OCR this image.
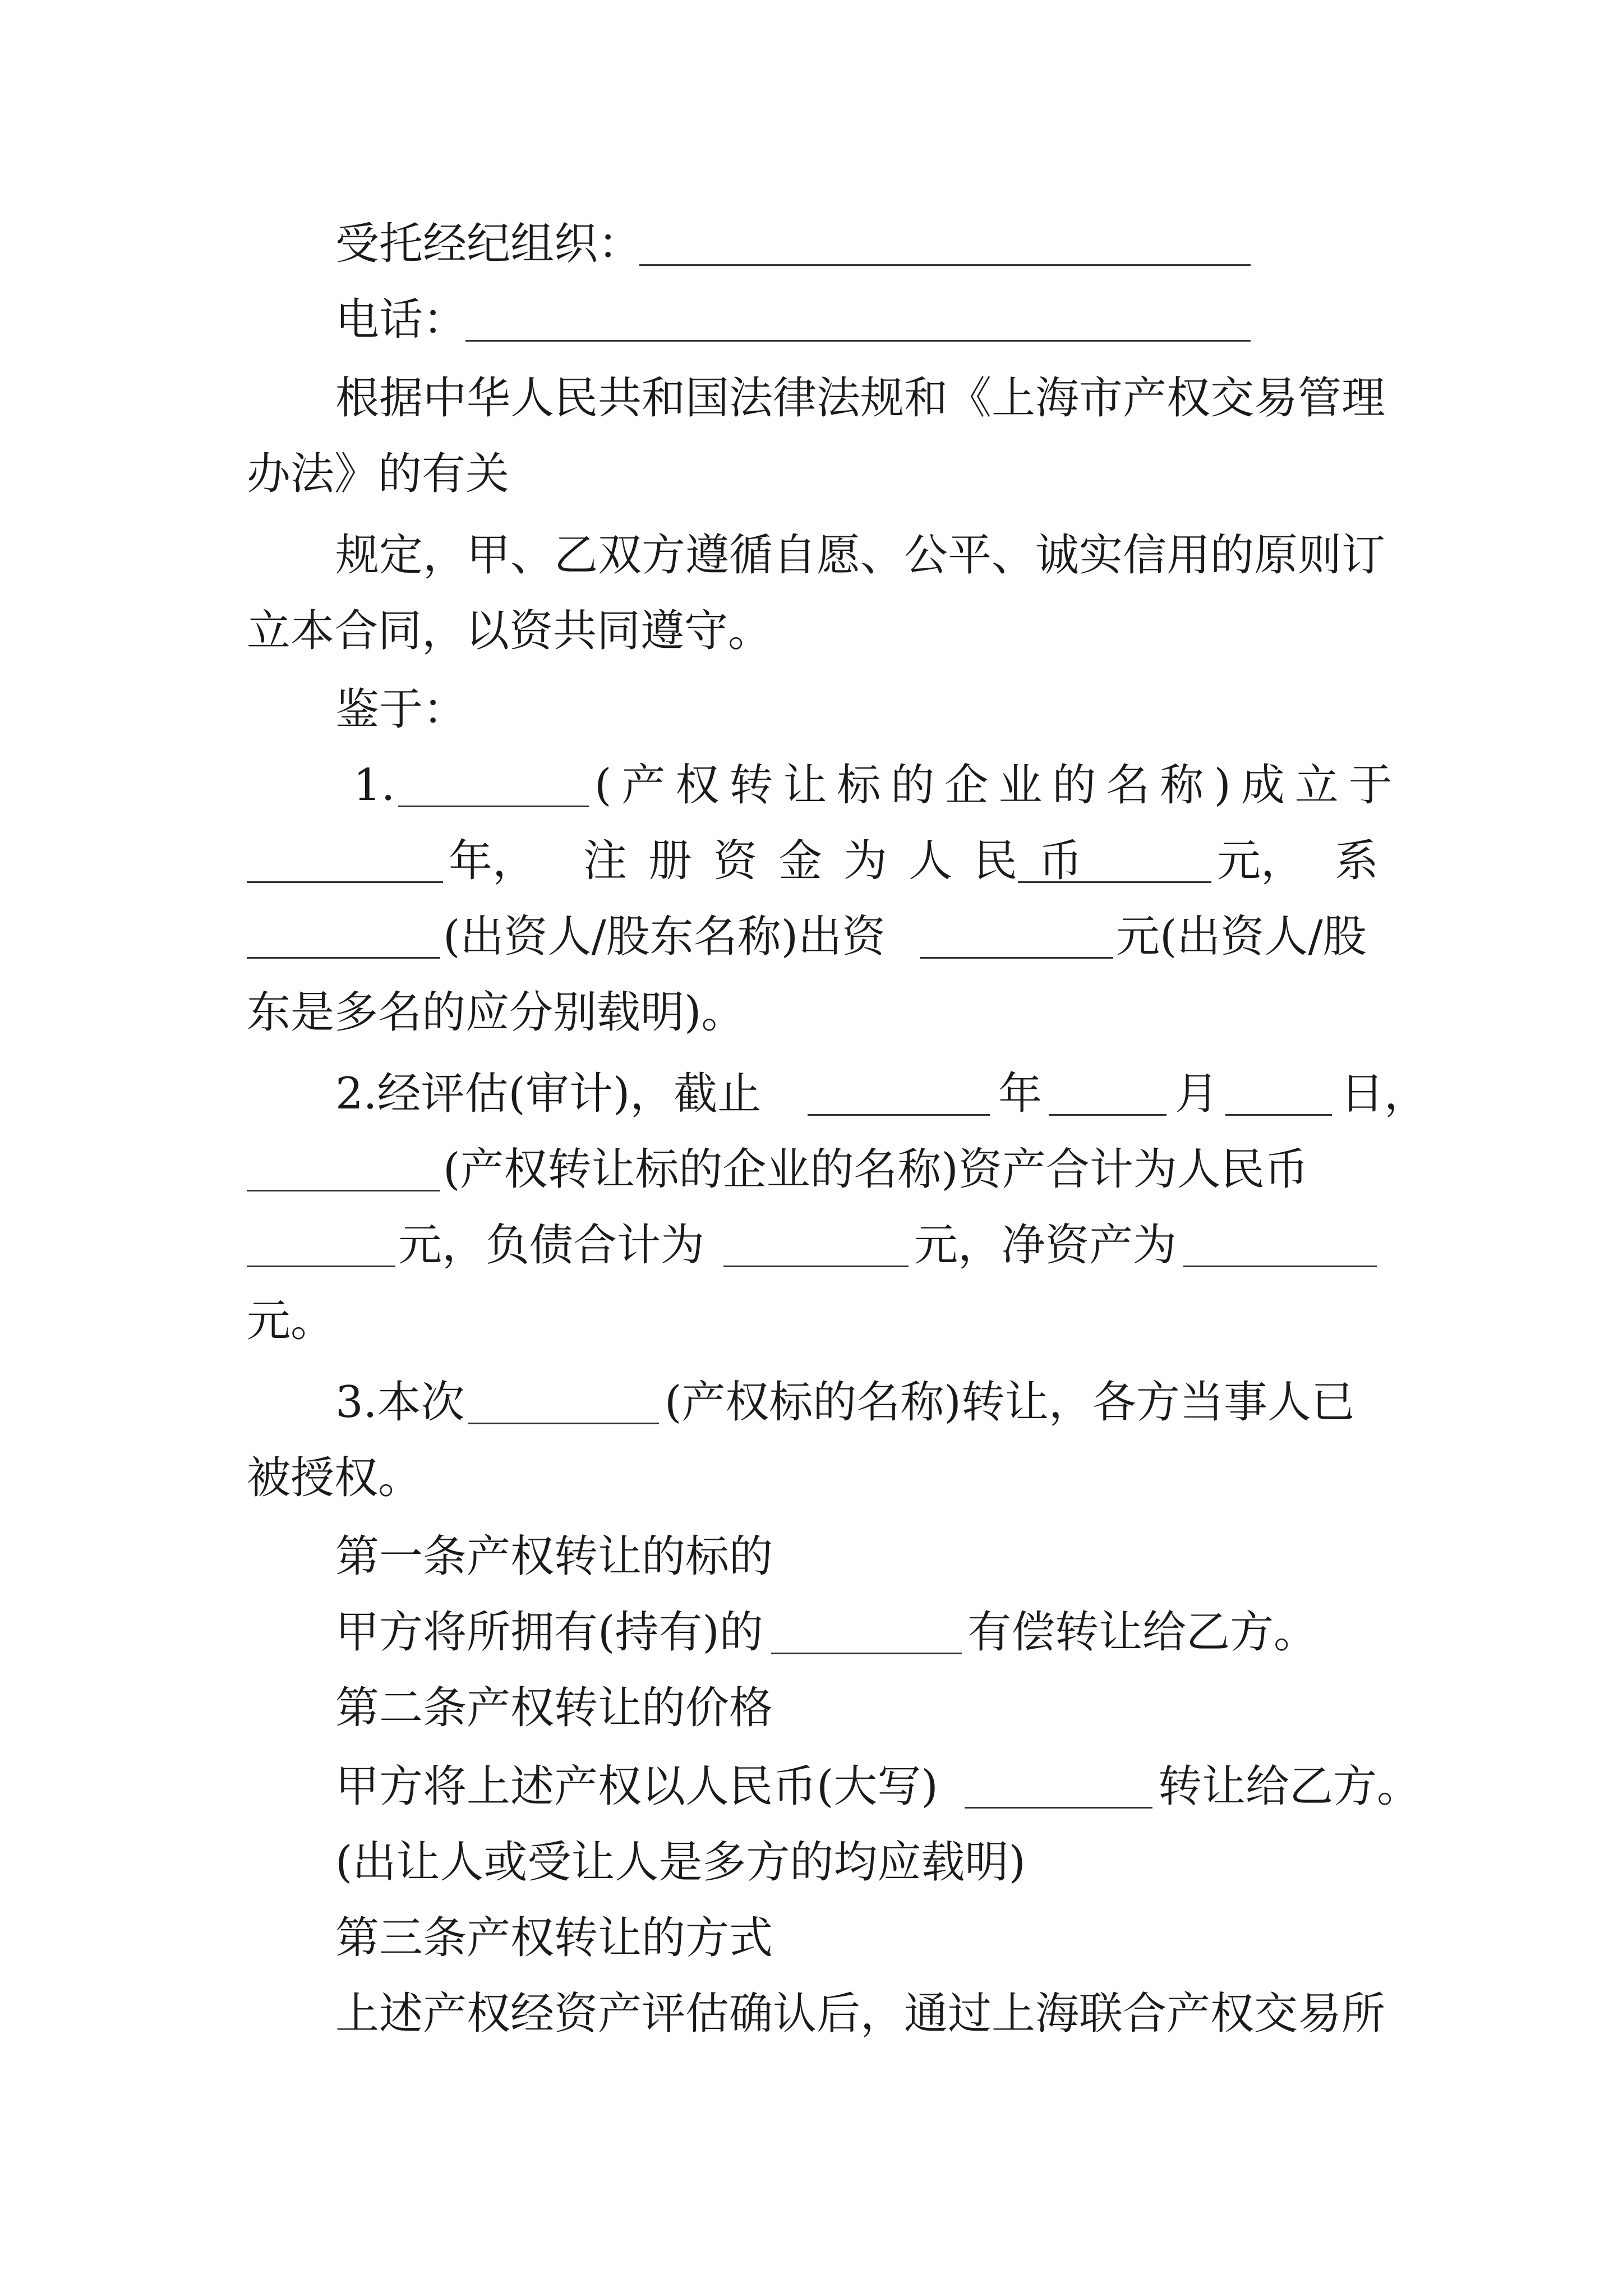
受托经纪组织：
电话：
根据中华人民共和国法律法规和《上海市产权交易管理
办法》的有关
规定，甲、乙双方遵循自愿、公平、诚实信用的原则订
立本合同，以资共同遵守。
鉴于：
1.	(产权转让标的企业的名称)成立于
年， 注册资金为人民币	元， 系
(出资人/股东名称)出资	元(出资人/股
东是多名的应分别载明)。
2.经评估(审计)，截止	年	月	日，
(产权转让标的企业的名称)资产合计为人民币
元，负债合计为	元，净资产为
元。
3.本次	(产权标的名称)转让，各方当事人已
被授权。
第一条产权转让的标的
甲方将所拥有(持有)的	有偿转让给乙方。
第二条产权转让的价格
甲方将上述产权以人民币(大写)	转让给乙方。
(出让人或受让人是多方的均应载明)
第三条产权转让的方式
上述产权经资产评估确认后，通过上海联合产权交易所
